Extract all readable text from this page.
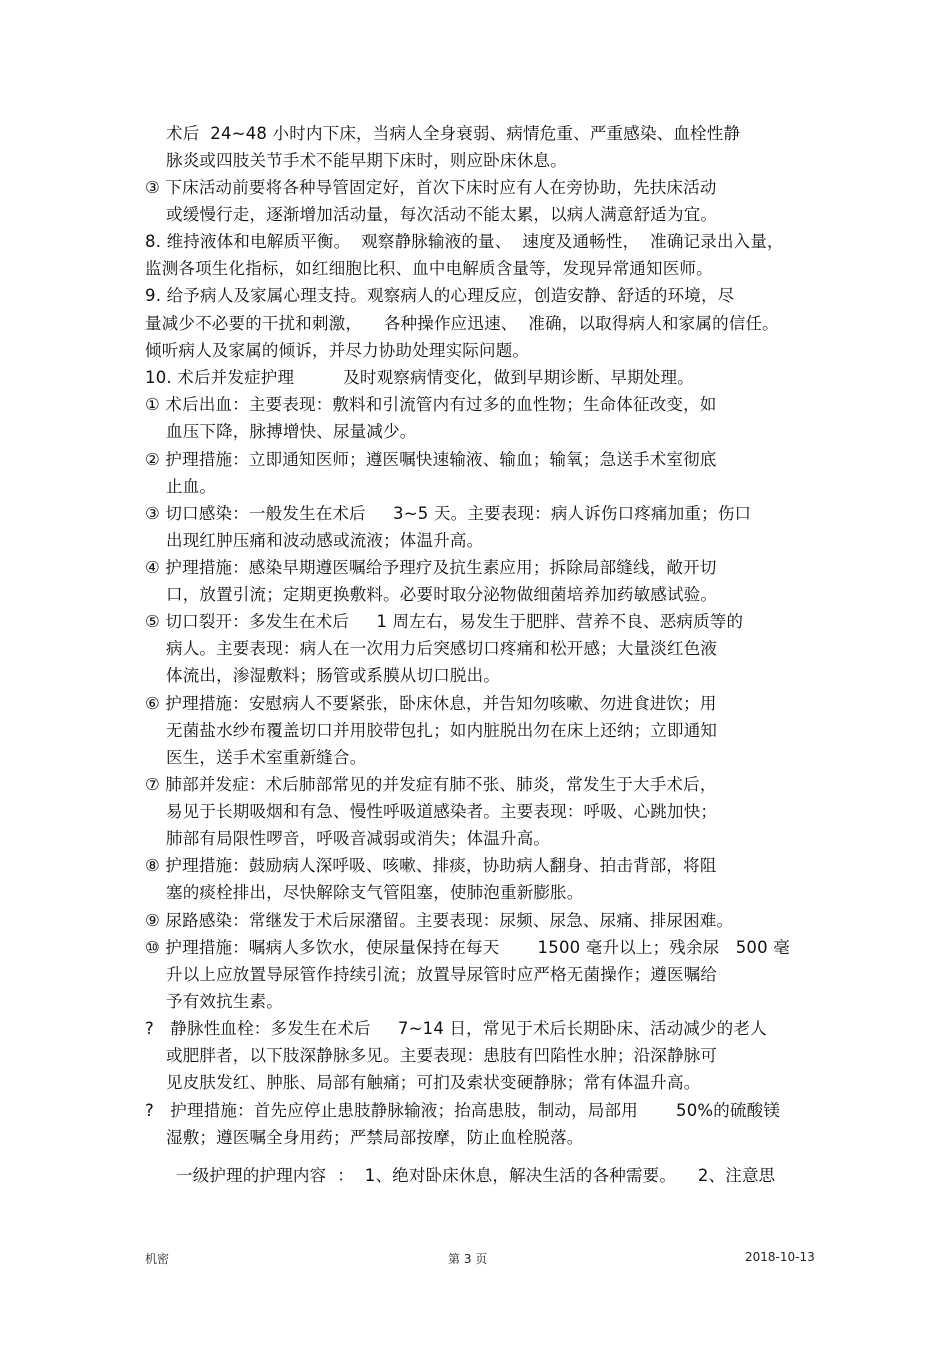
术后  24~48 小时内下床，当病人全身衰弱、病情危重、严重感染、血栓性静
脉炎或四肢关节手术不能早期下床时，则应卧床休息。
③ 下床活动前要将各种导管固定好，首次下床时应有人在旁协助，先扶床活动
或缓慢行走，逐渐增加活动量，每次活动不能太累，以病人满意舒适为宜。
8. 维持液体和电解质平衡。  观察静脉输液的量、  速度及通畅性，  准确记录出入量，
监测各项生化指标，如红细胞比积、血中电解质含量等，发现异常通知医师。
9. 给予病人及家属心理支持。观察病人的心理反应，创造安静、舒适的环境，尽
量减少不必要的干扰和刺激，    各种操作应迅速、  准确，以取得病人和家属的信任。
倾听病人及家属的倾诉，并尽力协助处理实际问题。
10. 术后并发症护理         及时观察病情变化，做到早期诊断、早期处理。
① 术后出血：主要表现：敷料和引流管内有过多的血性物；生命体征改变，如
血压下降，脉搏增快、尿量减少。
② 护理措施：立即通知医师；遵医嘱快速输液、输血；输氧；急送手术室彻底
止血。
③ 切口感染：一般发生在术后     3~5 天。主要表现：病人诉伤口疼痛加重；伤口
出现红肿压痛和波动感或流液；体温升高。
④ 护理措施：感染早期遵医嘱给予理疗及抗生素应用；拆除局部缝线，敞开切
口，放置引流；定期更换敷料。必要时取分泌物做细菌培养加药敏感试验。
⑤ 切口裂开：多发生在术后     1 周左右，易发生于肥胖、营养不良、恶病质等的
病人。主要表现：病人在一次用力后突感切口疼痛和松开感；大量淡红色液
体流出，渗湿敷料；肠管或系膜从切口脱出。
⑥ 护理措施：安慰病人不要紧张，卧床休息，并告知勿咳嗽、勿进食进饮；用
无菌盐水纱布覆盖切口并用胶带包扎；如内脏脱出勿在床上还纳；立即通知
医生，送手术室重新缝合。
⑦ 肺部并发症：术后肺部常见的并发症有肺不张、肺炎，常发生于大手术后，
易见于长期吸烟和有急、慢性呼吸道感染者。主要表现：呼吸、心跳加快；
肺部有局限性啰音，呼吸音减弱或消失；体温升高。
⑧ 护理措施：鼓励病人深呼吸、咳嗽、排痰，协助病人翻身、拍击背部，将阻
塞的痰栓排出，尽快解除支气管阻塞，使肺泡重新膨胀。
⑨ 尿路感染：常继发于术后尿潴留。主要表现：尿频、尿急、尿痛、排尿困难。
⑩ 护理措施：嘱病人多饮水，使尿量保持在每天       1500 毫升以上；残余尿   500 毫
升以上应放置导尿管作持续引流；放置导尿管时应严格无菌操作；遵医嘱给
予有效抗生素。
?   静脉性血栓：多发生在术后     7~14 日，常见于术后长期卧床、活动减少的老人
或肥胖者，以下肢深静脉多见。主要表现：患肢有凹陷性水肿；沿深静脉可
见皮肤发红、肿胀、局部有触痛；可扪及索状变硬静脉；常有体温升高。
?   护理措施：首先应停止患肢静脉输液；抬高患肢，制动，局部用       50%的硫酸镁
湿敷；遵医嘱全身用药；严禁局部按摩，防止血栓脱落。
一级护理的护理内容  ：  1、绝对卧床休息，解决生活的各种需要。    2、注意思
机密	第 3 页	2018-10-13
